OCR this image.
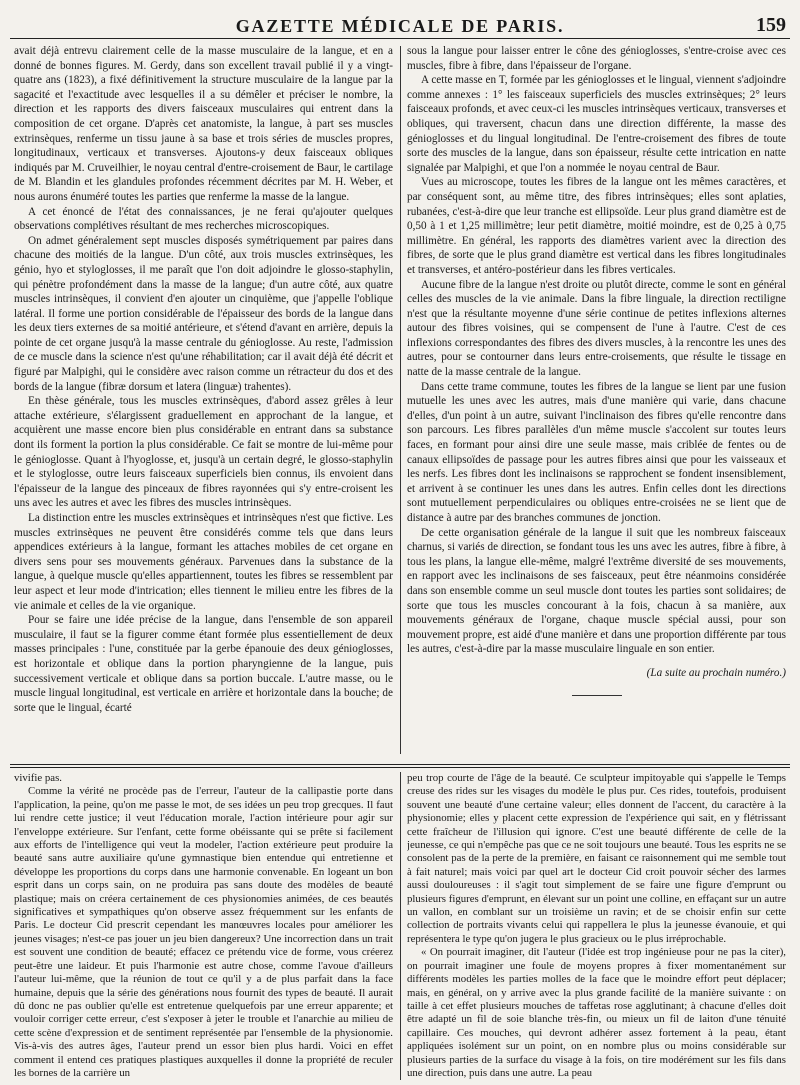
GAZETTE MÉDICALE DE PARIS.	159

avait déjà entrevu clairement celle de la masse musculaire de la langue, et en a donné de bonnes figures. M. Gerdy, dans son excellent travail publié il y a vingt-quatre ans (1823), a fixé définitivement la structure musculaire de la langue par la sagacité et l'exactitude avec lesquelles il a su démêler et préciser le nombre, la direction et les rapports des divers faisceaux musculaires qui entrent dans la composition de cet organe. D'après cet anatomiste, la langue, à part ses muscles extrinsèques, renferme un tissu jaune à sa base et trois séries de muscles propres, longitudinaux, verticaux et transverses. Ajoutons-y deux faisceaux obliques indiqués par M. Cruveilhier, le noyau central d'entre-croisement de Baur, le cartilage de M. Blandin et les glandules profondes récemment décrites par M. H. Weber, et nous aurons énuméré toutes les parties que renferme la masse de la langue.

A cet énoncé de l'état des connaissances, je ne ferai qu'ajouter quelques observations complétives résultant de mes recherches microscopiques.

On admet généralement sept muscles disposés symétriquement par paires dans chacune des moitiés de la langue. D'un côté, aux trois muscles extrinsèques, les génio, hyo et styloglosses, il me paraît que l'on doit adjoindre le glosso-staphylin, qui pénètre profondément dans la masse de la langue; d'un autre côté, aux quatre muscles intrinsèques, il convient d'en ajouter un cinquième, que j'appelle l'oblique latéral. Il forme une portion considérable de l'épaisseur des bords de la langue dans les deux tiers externes de sa moitié antérieure, et s'étend d'avant en arrière, depuis la pointe de cet organe jusqu'à la masse centrale du génioglosse. Au reste, l'admission de ce muscle dans la science n'est qu'une réhabilitation; car il avait déjà été décrit et figuré par Malpighi, qui le considère avec raison comme un rétracteur du dos et des bords de la langue (fibræ dorsum et latera (linguæ) trahentes).

En thèse générale, tous les muscles extrinsèques, d'abord assez grêles à leur attache extérieure, s'élargissent graduellement en approchant de la langue, et acquièrent une masse encore bien plus considérable en entrant dans sa substance dont ils forment la portion la plus considérable. Ce fait se montre de lui-même pour le génioglosse. Quant à l'hyoglosse, et, jusqu'à un certain degré, le glosso-staphylin et le styloglosse, outre leurs faisceaux superficiels bien connus, ils envoient dans l'épaisseur de la langue des pinceaux de fibres rayonnées qui s'y entre-croisent les uns avec les autres et avec les fibres des muscles intrinsèques.

La distinction entre les muscles extrinsèques et intrinsèques n'est que fictive. Les muscles extrinsèques ne peuvent être considérés comme tels que dans leurs appendices extérieurs à la langue, formant les attaches mobiles de cet organe en divers sens pour ses mouvements généraux. Parvenues dans la substance de la langue, à quelque muscle qu'elles appartiennent, toutes les fibres se ressemblent par leur aspect et leur mode d'intrication; elles tiennent le milieu entre les fibres de la vie animale et celles de la vie organique.

Pour se faire une idée précise de la langue, dans l'ensemble de son appareil musculaire, il faut se la figurer comme étant formée plus essentiellement de deux masses principales : l'une, constituée par la gerbe épanouie des deux génioglosses, est horizontale et oblique dans la portion pharyngienne de la langue, puis successivement verticale et oblique dans sa portion buccale. L'autre masse, ou le muscle lingual longitudinal, est verticale en arrière et horizontale dans la bouche; de sorte que le lingual, écarté

sous la langue pour laisser entrer le cône des génioglosses, s'entre-croise avec ces muscles, fibre à fibre, dans l'épaisseur de l'organe.

A cette masse en T, formée par les génioglosses et le lingual, viennent s'adjoindre comme annexes : 1° les faisceaux superficiels des muscles extrinsèques; 2° leurs faisceaux profonds, et avec ceux-ci les muscles intrinsèques verticaux, transverses et obliques, qui traversent, chacun dans une direction différente, la masse des génioglosses et du lingual longitudinal. De l'entre-croisement des fibres de toute sorte des muscles de la langue, dans son épaisseur, résulte cette intrication en natte signalée par Malpighi, et que l'on a nommée le noyau central de Baur.

Vues au microscope, toutes les fibres de la langue ont les mêmes caractères, et par conséquent sont, au même titre, des fibres intrinsèques; elles sont aplaties, rubanées, c'est-à-dire que leur tranche est ellipsoïde. Leur plus grand diamètre est de 0,50 à 1 et 1,25 millimètre; leur petit diamètre, moitié moindre, est de 0,25 à 0,75 millimètre. En général, les rapports des diamètres varient avec la direction des fibres, de sorte que le plus grand diamètre est vertical dans les fibres longitudinales et transverses, et antéro-postérieur dans les fibres verticales.

Aucune fibre de la langue n'est droite ou plutôt directe, comme le sont en général celles des muscles de la vie animale. Dans la fibre linguale, la direction rectiligne n'est que la résultante moyenne d'une série continue de petites inflexions alternes autour des fibres voisines, qui se compensent de l'une à l'autre. C'est de ces inflexions correspondantes des fibres des divers muscles, à la rencontre les unes des autres, pour se contourner dans leurs entre-croisements, que résulte le tissage en natte de la masse centrale de la langue.

Dans cette trame commune, toutes les fibres de la langue se lient par une fusion mutuelle les unes avec les autres, mais d'une manière qui varie, dans chacune d'elles, d'un point à un autre, suivant l'inclinaison des fibres qu'elle rencontre dans son parcours. Les fibres parallèles d'un même muscle s'accolent sur toutes leurs faces, en formant pour ainsi dire une seule masse, mais criblée de fentes ou de canaux ellipsoïdes de passage pour les autres fibres ainsi que pour les vaisseaux et les nerfs. Les fibres dont les inclinaisons se rapprochent se fondent insensiblement, et arrivent à se continuer les unes dans les autres. Enfin celles dont les directions sont mutuellement perpendiculaires ou obliques entre-croisées ne se lient que de distance à autre par des branches communes de jonction.

De cette organisation générale de la langue il suit que les nombreux faisceaux charnus, si variés de direction, se fondant tous les uns avec les autres, fibre à fibre, à tous les plans, la langue elle-même, malgré l'extrême diversité de ses mouvements, en rapport avec les inclinaisons de ses faisceaux, peut être néanmoins considérée dans son ensemble comme un seul muscle dont toutes les parties sont solidaires; de sorte que tous les muscles concourant à la fois, chacun à sa manière, aux mouvements généraux de l'organe, chaque muscle spécial aussi, pour son mouvement propre, est aidé d'une manière et dans une proportion différente par tous les autres, c'est-à-dire par la masse musculaire linguale en son entier.

(La suite au prochain numéro.)

vivifie pas.

Comme la vérité ne procède pas de l'erreur, l'auteur de la callipastie porte dans l'application, la peine, qu'on me passe le mot, de ses idées un peu trop grecques. Il faut lui rendre cette justice; il veut l'éducation morale, l'action intérieure pour agir sur l'enveloppe extérieure. Sur l'enfant, cette forme obéissante qui se prête si facilement aux efforts de l'intelligence qui veut la modeler, l'action extérieure peut produire la beauté sans autre auxiliaire qu'une gymnastique bien entendue qui entretienne et développe les proportions du corps dans une harmonie convenable. En logeant un bon esprit dans un corps sain, on ne produira pas sans doute des modèles de beauté plastique; mais on créera certainement de ces physionomies animées, de ces beautés significatives et sympathiques qu'on observe assez fréquemment sur les enfants de Paris. Le docteur Cid prescrit cependant les manœuvres locales pour améliorer les jeunes visages; n'est-ce pas jouer un jeu bien dangereux? Une incorrection dans un trait est souvent une condition de beauté; effacez ce prétendu vice de forme, vous créerez peut-être une laideur. Et puis l'harmonie est autre chose, comme l'avoue d'ailleurs l'auteur lui-même, que la réunion de tout ce qu'il y a de plus parfait dans la face humaine, depuis que la série des générations nous fournit des types de beauté. Il aurait dû donc ne pas oublier qu'elle est entretenue quelquefois par une erreur apparente; et vouloir corriger cette erreur, c'est s'exposer à jeter le trouble et l'anarchie au milieu de cette scène d'expression et de sentiment représentée par l'ensemble de la physionomie. Vis-à-vis des autres âges, l'auteur prend un essor bien plus hardi. Voici en effet comment il entend ces pratiques plastiques auxquelles il donne la propriété de reculer les bornes de la carrière un

peu trop courte de l'âge de la beauté. Ce sculpteur impitoyable qui s'appelle le Temps creuse des rides sur les visages du modèle le plus pur. Ces rides, toutefois, produisent souvent une beauté d'une certaine valeur; elles donnent de l'accent, du caractère à la physionomie; elles y placent cette expression de l'expérience qui sait, en y flétrissant cette fraîcheur de l'illusion qui ignore. C'est une beauté différente de celle de la jeunesse, ce qui n'empêche pas que ce ne soit toujours une beauté. Tous les esprits ne se consolent pas de la perte de la première, en faisant ce raisonnement qui me semble tout à fait naturel; mais voici par quel art le docteur Cid croit pouvoir sécher des larmes aussi douloureuses : il s'agit tout simplement de se faire une figure d'emprunt ou plusieurs figures d'emprunt, en élevant sur un point une colline, en effaçant sur un autre un vallon, en comblant sur un troisième un ravin; et de se choisir enfin sur cette collection de portraits vivants celui qui rappellera le plus la jeunesse évanouie, et qui représentera le type qu'on jugera le plus gracieux ou le plus irréprochable.

« On pourrait imaginer, dit l'auteur (l'idée est trop ingénieuse pour ne pas la citer), on pourrait imaginer une foule de moyens propres à fixer momentanément sur différents modèles les parties molles de la face que le moindre effort peut déplacer; mais, en général, on y arrive avec la plus grande facilité de la manière suivante : on taille à cet effet plusieurs mouches de taffetas rose agglutinant; à chacune d'elles doit être adapté un fil de soie blanche très-fin, ou mieux un fil de laiton d'une ténuité capillaire. Ces mouches, qui devront adhérer assez fortement à la peau, étant appliquées isolément sur un point, on en nombre plus ou moins considérable sur plusieurs parties de la surface du visage à la fois, on tire modérément sur les fils dans une direction, puis dans une autre. La peau
